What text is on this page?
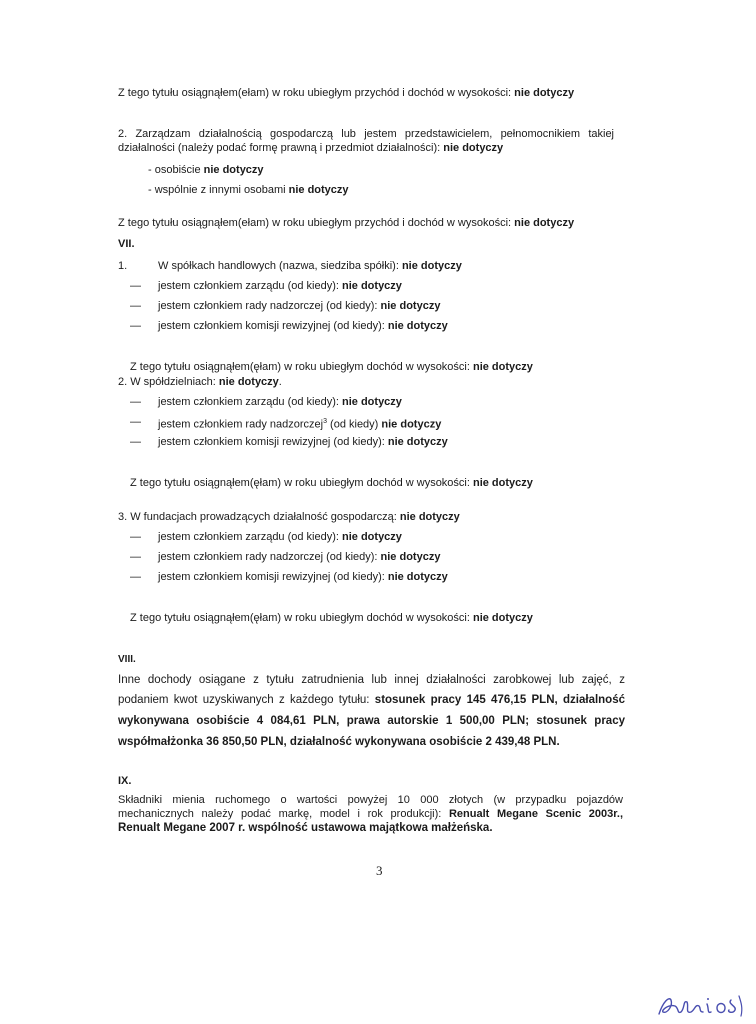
Z tego tytułu osiągnąłem(ełam) w roku ubiegłym przychód i dochód w wysokości: nie dotyczy
2. Zarządzam działalnością gospodarczą lub jestem przedstawicielem, pełnomocnikiem takiej
działalności (należy podać formę prawną i przedmiot działalności): nie dotyczy
- osobiście nie dotyczy
- wspólnie z innymi osobami nie dotyczy
Z tego tytułu osiągnąłem(ełam) w roku ubiegłym przychód i dochód w wysokości: nie dotyczy
VII.
1.	W spółkach handlowych (nazwa, siedziba spółki): nie dotyczy
— jestem członkiem zarządu (od kiedy): nie dotyczy
— jestem członkiem rady nadzorczej (od kiedy): nie dotyczy
— jestem członkiem komisji rewizyjnej (od kiedy): nie dotyczy
Z tego tytułu osiągnąłem(ęłam) w roku ubiegłym dochód w wysokości: nie dotyczy
2. W spółdzielniach: nie dotyczy.
— jestem członkiem zarządu (od kiedy): nie dotyczy
— jestem członkiem rady nadzorczej$^3$ (od kiedy) nie dotyczy
— jestem członkiem komisji rewizyjnej (od kiedy): nie dotyczy
Z tego tytułu osiągnąłem(ęłam) w roku ubiegłym dochód w wysokości: nie dotyczy
3. W fundacjach prowadzących działalność gospodarczą: nie dotyczy
— jestem członkiem zarządu (od kiedy): nie dotyczy
— jestem członkiem rady nadzorczej (od kiedy): nie dotyczy
— jestem członkiem komisji rewizyjnej (od kiedy): nie dotyczy
Z tego tytułu osiągnąłem(ęłam) w roku ubiegłym dochód w wysokości: nie dotyczy
VIII.
Inne dochody osiągane z tytułu zatrudnienia lub innej działalności zarobkowej lub zajęć, z
podaniem kwot uzyskiwanych z każdego tytułu: stosunek pracy 145 476,15 PLN, działalność
wykonywana osobiście 4 084,61 PLN, prawa autorskie 1 500,00 PLN; stosunek pracy
współmałżonka 36 850,50 PLN, działalność wykonywana osobiście 2 439,48 PLN.
IX.
Składniki mienia ruchomego o wartości powyżej 10 000 złotych (w przypadku pojazdów
mechanicznych należy podać markę, model i rok produkcji): Renualt Megane Scenic 2003r.,
Renualt Megane 2007 r. wspólność ustawowa majątkowa małżeńska.
3
